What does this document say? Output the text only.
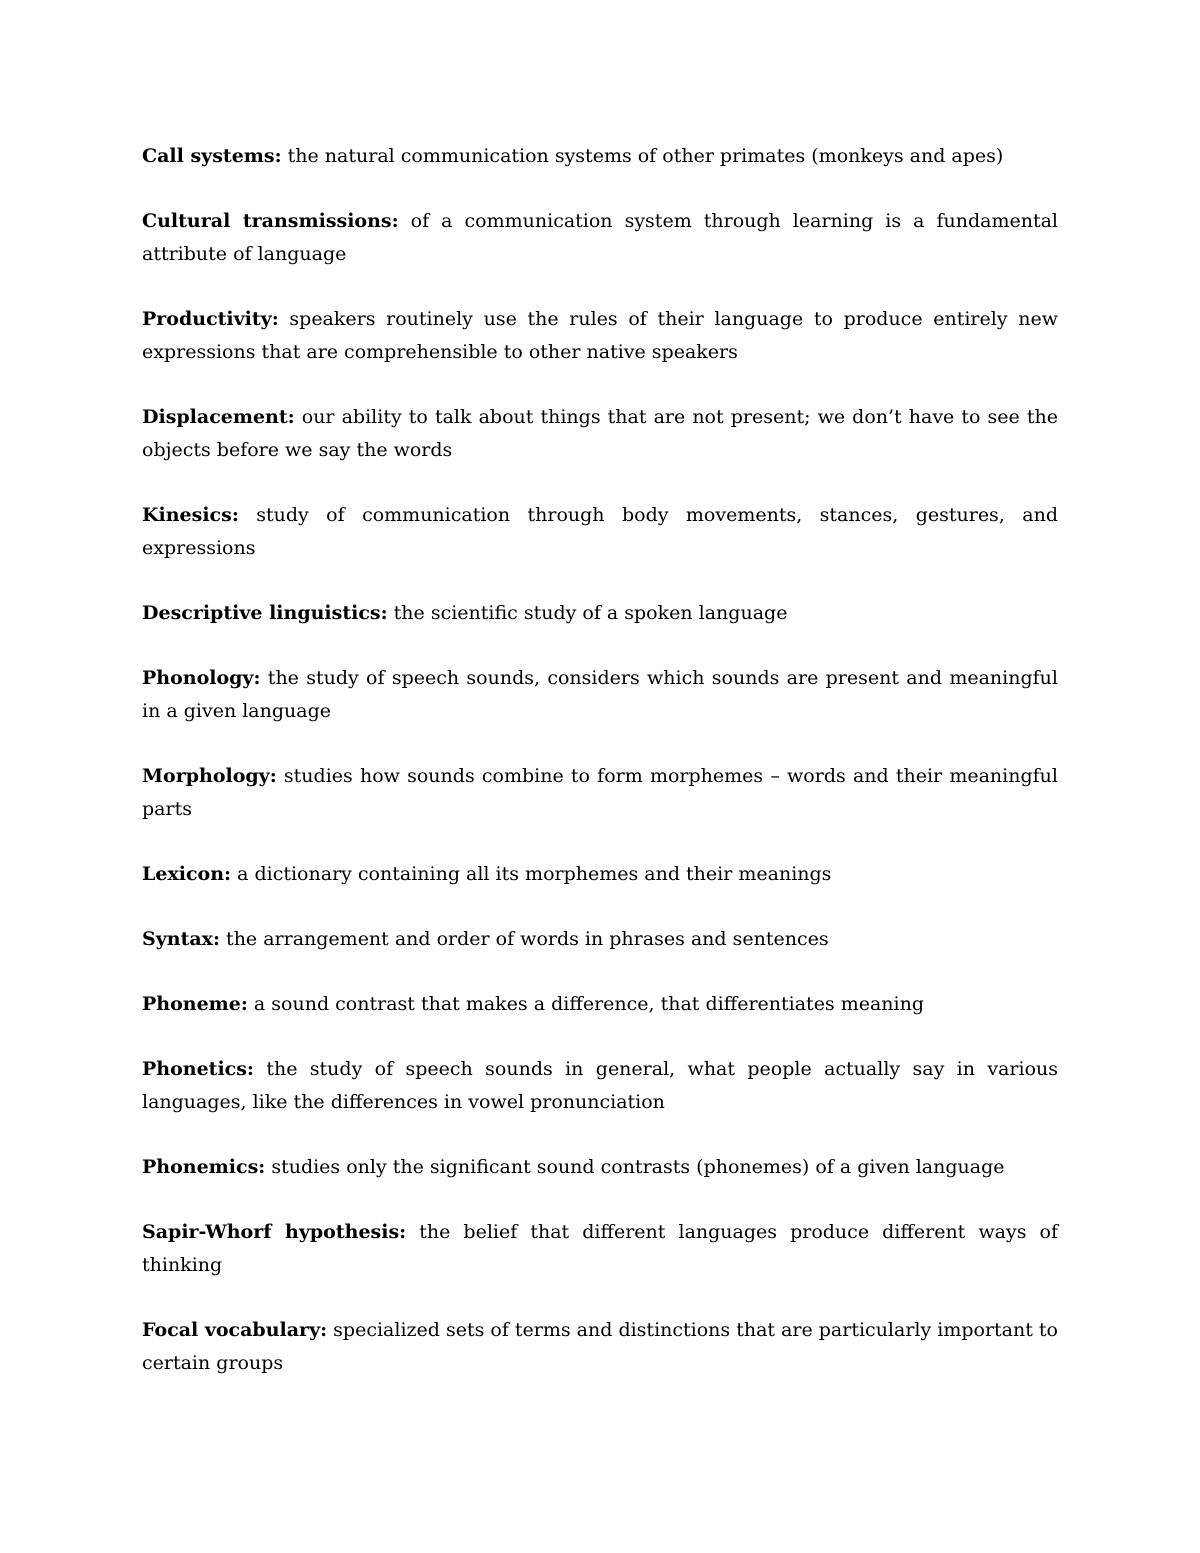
Call systems: the natural communication systems of other primates (monkeys and apes)

Cultural transmissions: of a communication system through learning is a fundamental attribute of language

Productivity: speakers routinely use the rules of their language to produce entirely new expressions that are comprehensible to other native speakers

Displacement: our ability to talk about things that are not present; we don’t have to see the objects before we say the words

Kinesics: study of communication through body movements, stances, gestures, and expressions

Descriptive linguistics: the scientific study of a spoken language

Phonology: the study of speech sounds, considers which sounds are present and meaningful in a given language

Morphology: studies how sounds combine to form morphemes – words and their meaningful parts

Lexicon: a dictionary containing all its morphemes and their meanings

Syntax: the arrangement and order of words in phrases and sentences

Phoneme: a sound contrast that makes a difference, that differentiates meaning

Phonetics: the study of speech sounds in general, what people actually say in various languages, like the differences in vowel pronunciation

Phonemics: studies only the significant sound contrasts (phonemes) of a given language

Sapir-Whorf hypothesis: the belief that different languages produce different ways of thinking

Focal vocabulary: specialized sets of terms and distinctions that are particularly important to certain groups
